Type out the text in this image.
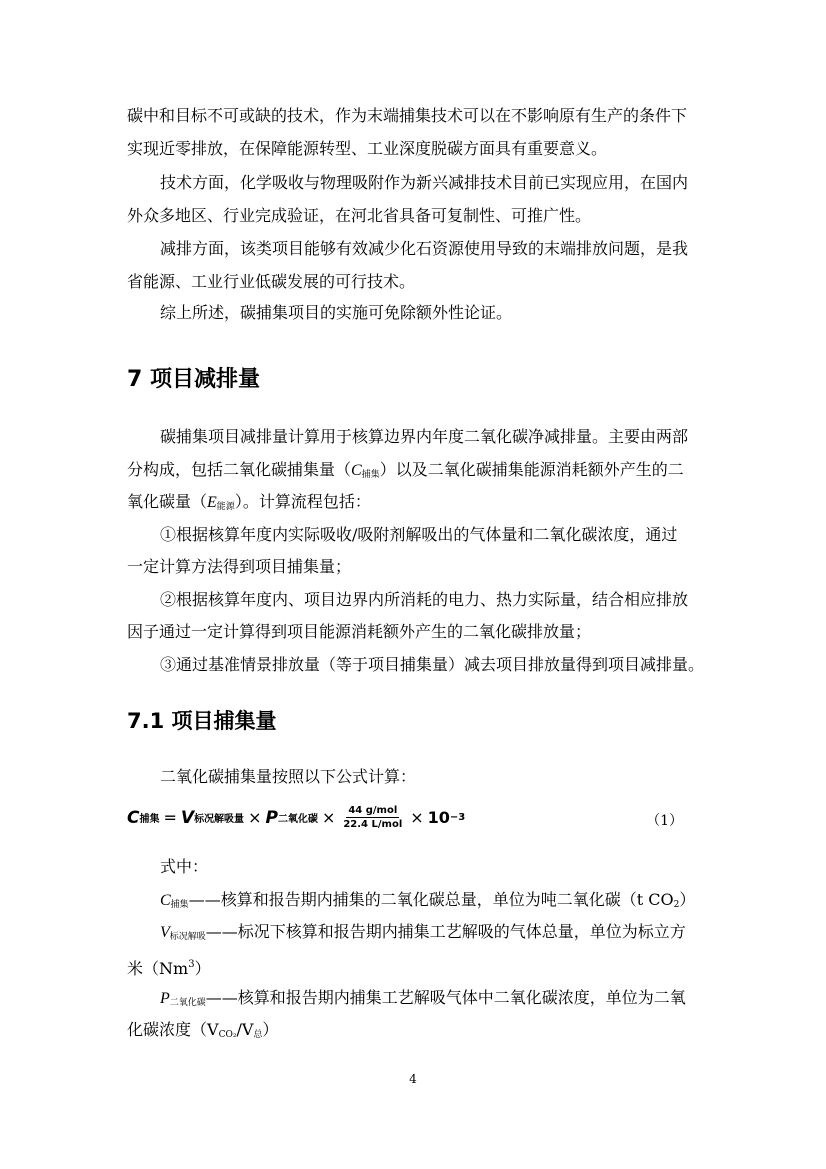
碳中和目标不可或缺的技术，作为末端捕集技术可以在不影响原有生产的条件下
实现近零排放，在保障能源转型、工业深度脱碳方面具有重要意义。
技术方面，化学吸收与物理吸附作为新兴减排技术目前已实现应用，在国内
外众多地区、行业完成验证，在河北省具备可复制性、可推广性。
减排方面，该类项目能够有效减少化石资源使用导致的末端排放问题，是我
省能源、工业行业低碳发展的可行技术。
综上所述，碳捕集项目的实施可免除额外性论证。
7 项目减排量
碳捕集项目减排量计算用于核算边界内年度二氧化碳净减排量。主要由两部
分构成，包括二氧化碳捕集量$(C_{捕集})$以及二氧化碳捕集能源消耗额外产生的二
氧化碳量$(E_{能源})$。计算流程包括：
①根据核算年度内实际吸收/吸附剂解吸出的气体量和二氧化碳浓度，通过
一定计算方法得到项目捕集量；
②根据核算年度内、项目边界内所消耗的电力、热力实际量，结合相应排放
因子通过一定计算得到项目能源消耗额外产生的二氧化碳排放量；
③通过基准情景排放量（等于项目捕集量）减去项目排放量得到项目减排量。
7.1 项目捕集量
二氧化碳捕集量按照以下公式计算：
C 捕集 = V 标况解吸量 × P 二氧化碳 × $\frac{\text{44 g/mol}}{\text{22.4 L/mol}} \times 10 -3$	（1）
式中：
$C_{捕集}——$核算和报告期内捕集的二氧化碳总量，单位为吨二氧化碳（t $CO_2$）
$V_{标况解吸}——$标况下核算和报告期内捕集工艺解吸的气体总量，单位为标立方
米（Nm$^3$）
$P_{二氧化碳}——$核算和报告期内捕集工艺解吸气体中二氧化碳浓度，单位为二氧
化碳浓度$(V_{CO_2}/V_总)$
4
